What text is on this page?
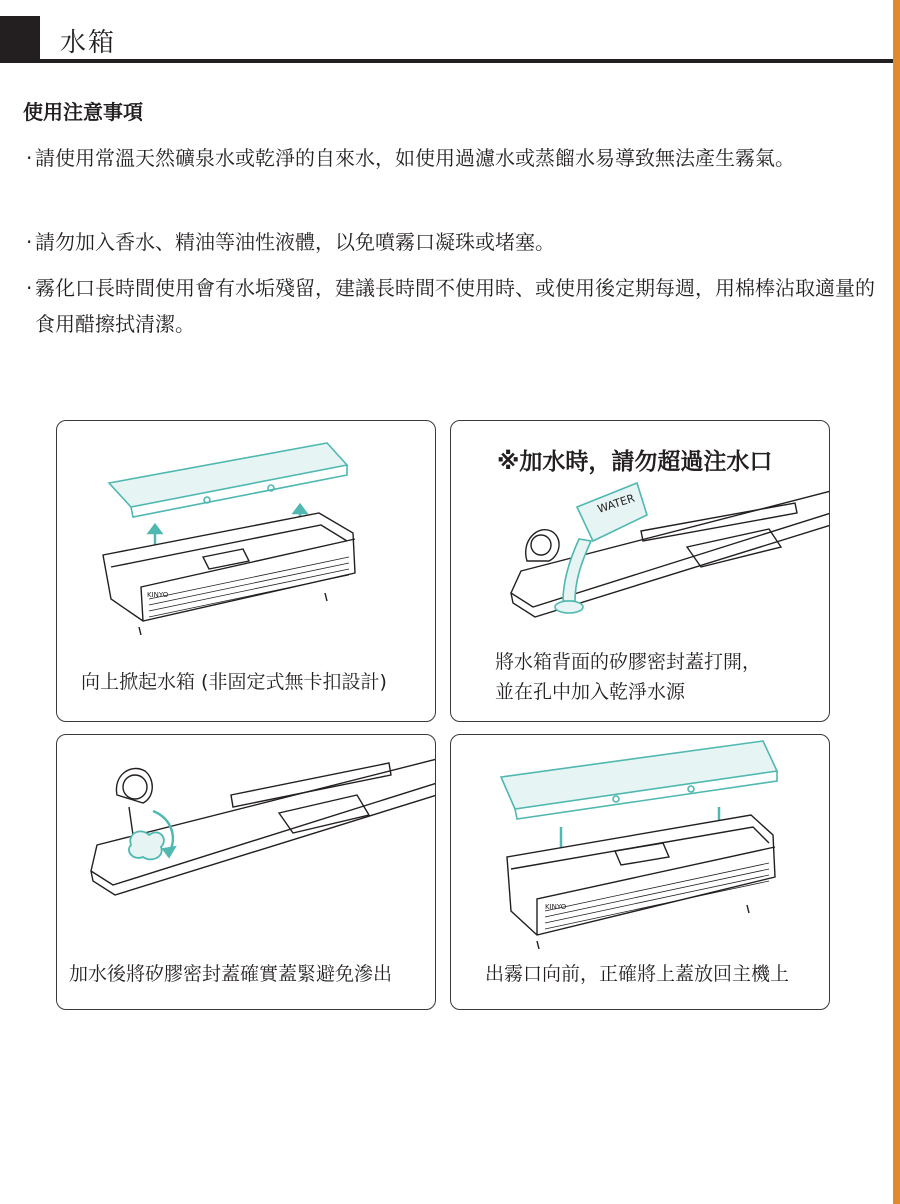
水箱
使用注意事項
· 請使用常溫天然礦泉水或乾淨的自來水，如使用過濾水或蒸餾水易導致無法產生霧氣。
· 請勿加入香水、精油等油性液體，以免噴霧口凝珠或堵塞。
· 霧化口長時間使用會有水垢殘留，建議長時間不使用時、或使用後定期每週，用棉棒沾取適量的食用醋擦拭清潔。
KINYO
向上掀起水箱 (非固定式無卡扣設計)
※加水時，請勿超過注水口
WATER
將水箱背面的矽膠密封蓋打開，
並在孔中加入乾淨水源
加水後將矽膠密封蓋確實蓋緊避免滲出
KINYO
出霧口向前，正確將上蓋放回主機上
